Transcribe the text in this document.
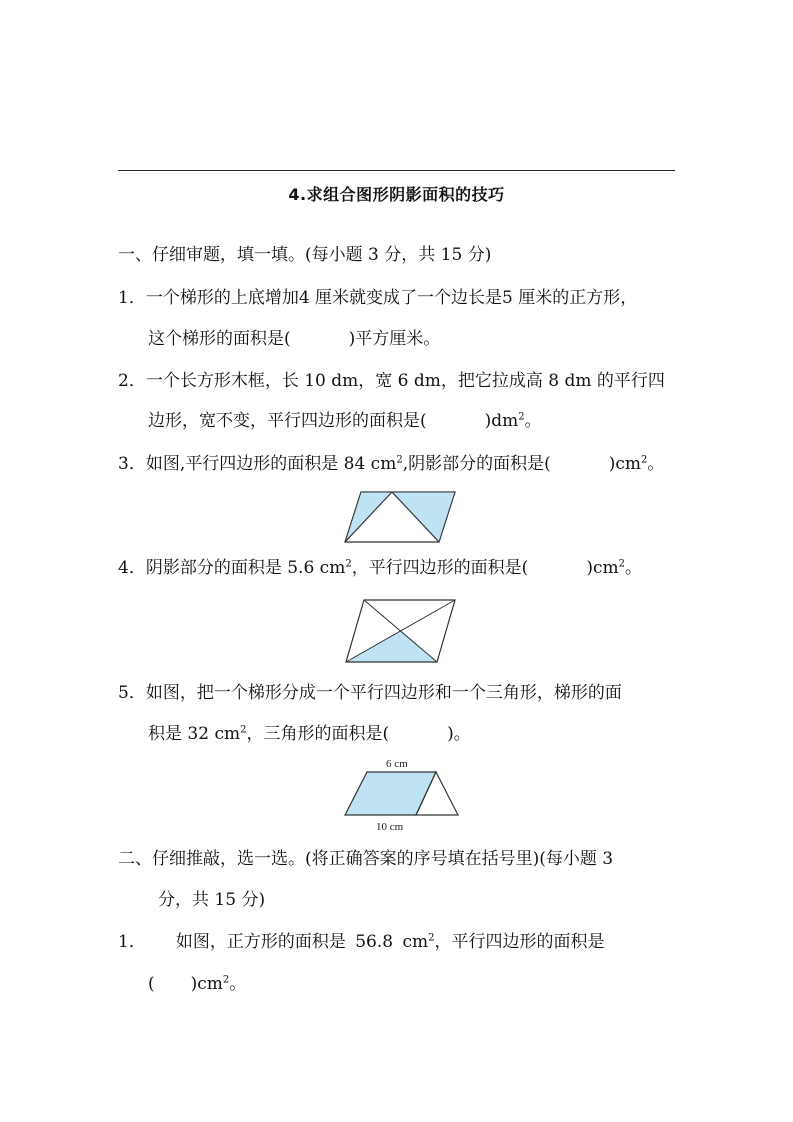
4.求组合图形阴影面积的技巧
一、仔细审题，填一填。(每小题 3 分，共 15 分)
1．一个梯形的上底增加4 厘米就变成了一个边长是5 厘米的正方形，
这个梯形的面积是(	)平方厘米。
2．一个长方形木框，长 10 dm，宽 6 dm，把它拉成高 8 dm 的平行四
边形，宽不变，平行四边形的面积是(	)$dm^2$。
3．如图,平行四边形的面积是 84 $cm^2$,阴影部分的面积是(	)$cm^2$。
4．阴影部分的面积是 5.6 $cm^2$，平行四边形的面积是(	)$cm^2$。
5．如图，把一个梯形分成一个平行四边形和一个三角形，梯形的面
积是 32 $cm^2$，三角形的面积是(	)。
6 cm
10 cm
二、仔细推敲，选一选。(将正确答案的序号填在括号里)(每小题 3
分，共 15 分)
1． 如图，正方形的面积是 56.8 $cm^2$，平行四边形的面积是
( )$cm^2$。
